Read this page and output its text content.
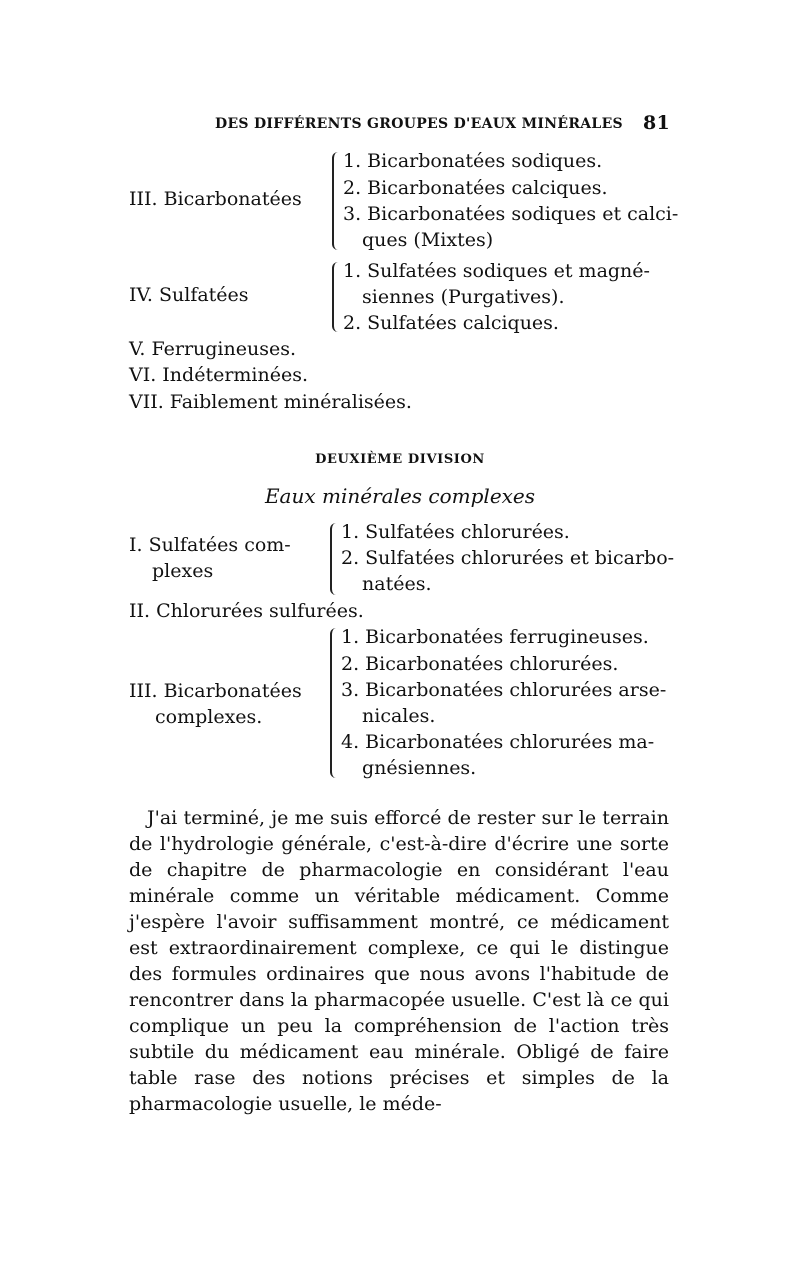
DES DIFFÉRENTS GROUPES D'EAUX MINÉRALES 81
III. Bicarbonatées
1. Bicarbonatées sodiques.
2. Bicarbonatées calciques.
3. Bicarbonatées sodiques et calci-
ques (Mixtes)
IV. Sulfatées
1. Sulfatées sodiques et magné-
siennes (Purgatives).
2. Sulfatées calciques.
V. Ferrugineuses.
VI. Indéterminées.
VII. Faiblement minéralisées.
DEUXIÈME DIVISION
Eaux minérales complexes
I. Sulfatées com-
plexes
1. Sulfatées chlorurées.
2. Sulfatées chlorurées et bicarbo-
natées.
II. Chlorurées sulfurées.
III. Bicarbonatées
complexes.
1. Bicarbonatées ferrugineuses.
2. Bicarbonatées chlorurées.
3. Bicarbonatées chlorurées arse-
nicales.
4. Bicarbonatées chlorurées ma-
gnésiennes.

J'ai terminé, je me suis efforcé de rester sur le terrain de l'hydrologie générale, c'est-à-dire d'écrire une sorte de chapitre de pharmacologie en considérant l'eau minérale comme un véritable médicament. Comme j'espère l'avoir suffisamment montré, ce médicament est extraordinairement complexe, ce qui le distingue des formules ordinaires que nous avons l'habitude de rencontrer dans la pharmacopée usuelle. C'est là ce qui complique un peu la compréhension de l'action très subtile du médicament eau minérale. Obligé de faire table rase des notions précises et simples de la pharmacologie usuelle, le méde-
